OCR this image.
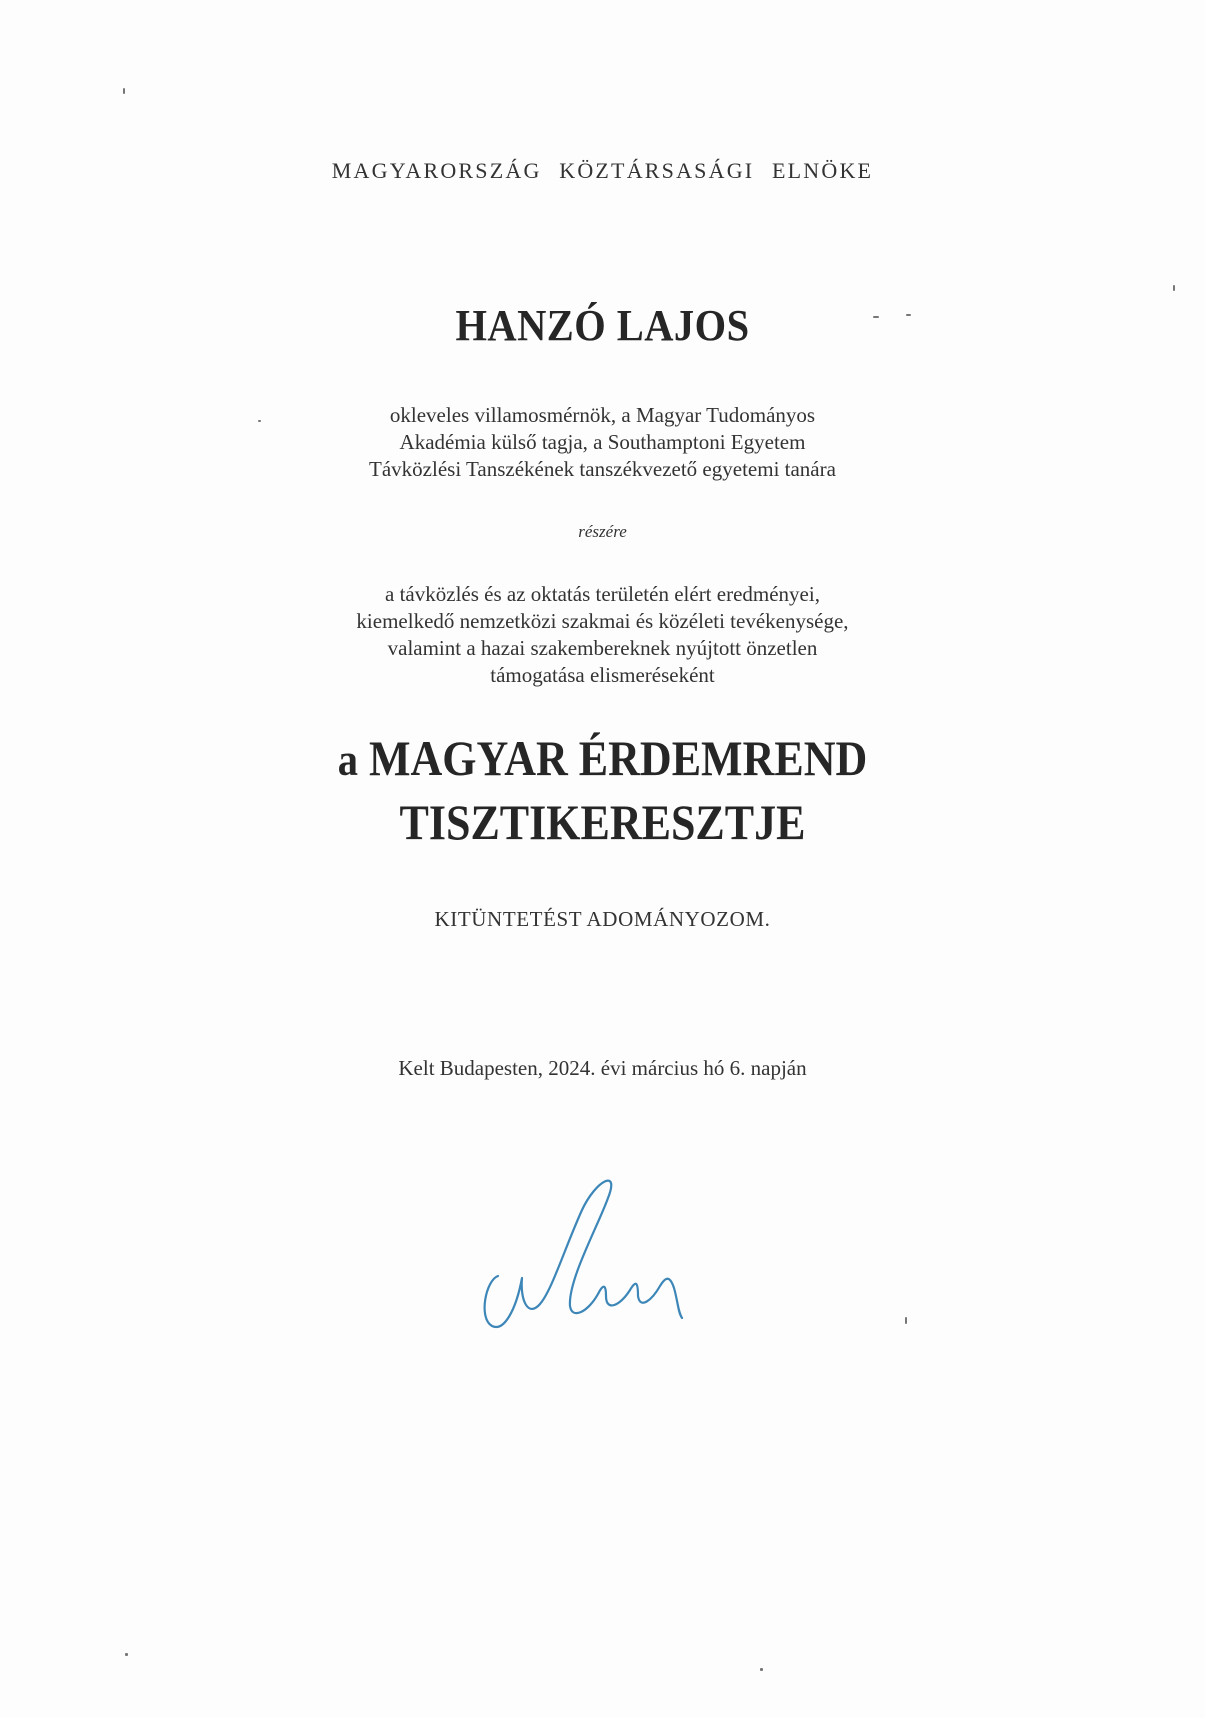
MAGYARORSZÁG KÖZTÁRSASÁGI ELNÖKE
HANZÓ LAJOS
okleveles villamosmérnök, a Magyar Tudományos
Akadémia külső tagja, a Southamptoni Egyetem
Távközlési Tanszékének tanszékvezető egyetemi tanára
részére
a távközlés és az oktatás területén elért eredményei,
kiemelkedő nemzetközi szakmai és közéleti tevékenysége,
valamint a hazai szakembereknek nyújtott önzetlen
támogatása elismeréseként
a MAGYAR ÉRDEMREND
TISZTIKERESZTJE
KITÜNTETÉST ADOMÁNYOZOM.
Kelt Budapesten, 2024. évi március hó 6. napján
